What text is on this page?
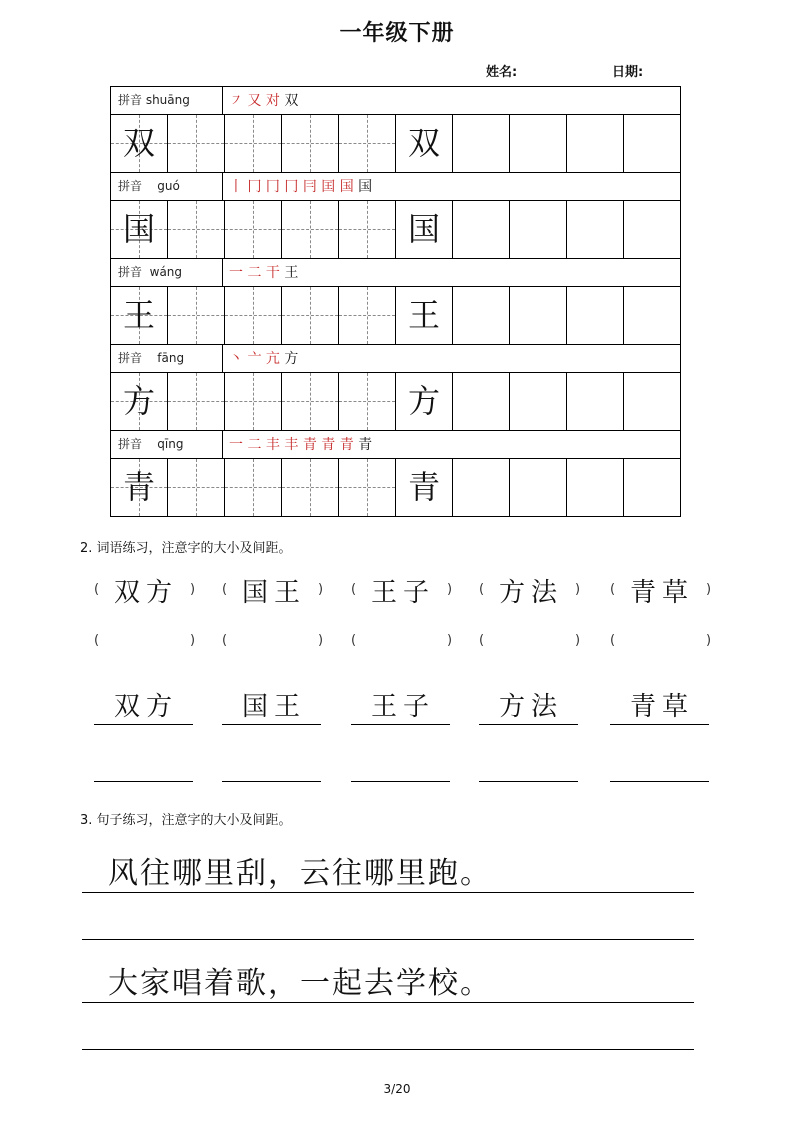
一年级下册
姓名:	日期:
拼音 shuāng	㇇ 又 对 双
双	双
拼音    guó	丨 冂 冂 冂 冃 囯 国 国
国	国
拼音  wáng	一 二 干 王
王	王
拼音    fāng	丶 亠 亢 方
方	方
拼音    qīng	一 二 丰 丰 青 青 青 青
青	青
2. 词语练习，注意字的大小及间距。
(	)
(	)
双方
双方
(	)
(	)
国王
国王
(	)
(	)
王子
王子
(	)
(	)
方法
方法
(	)
(	)
青草
青草
3. 句子练习，注意字的大小及间距。
风往哪里刮，云往哪里跑。
大家唱着歌，一起去学校。
3/20
